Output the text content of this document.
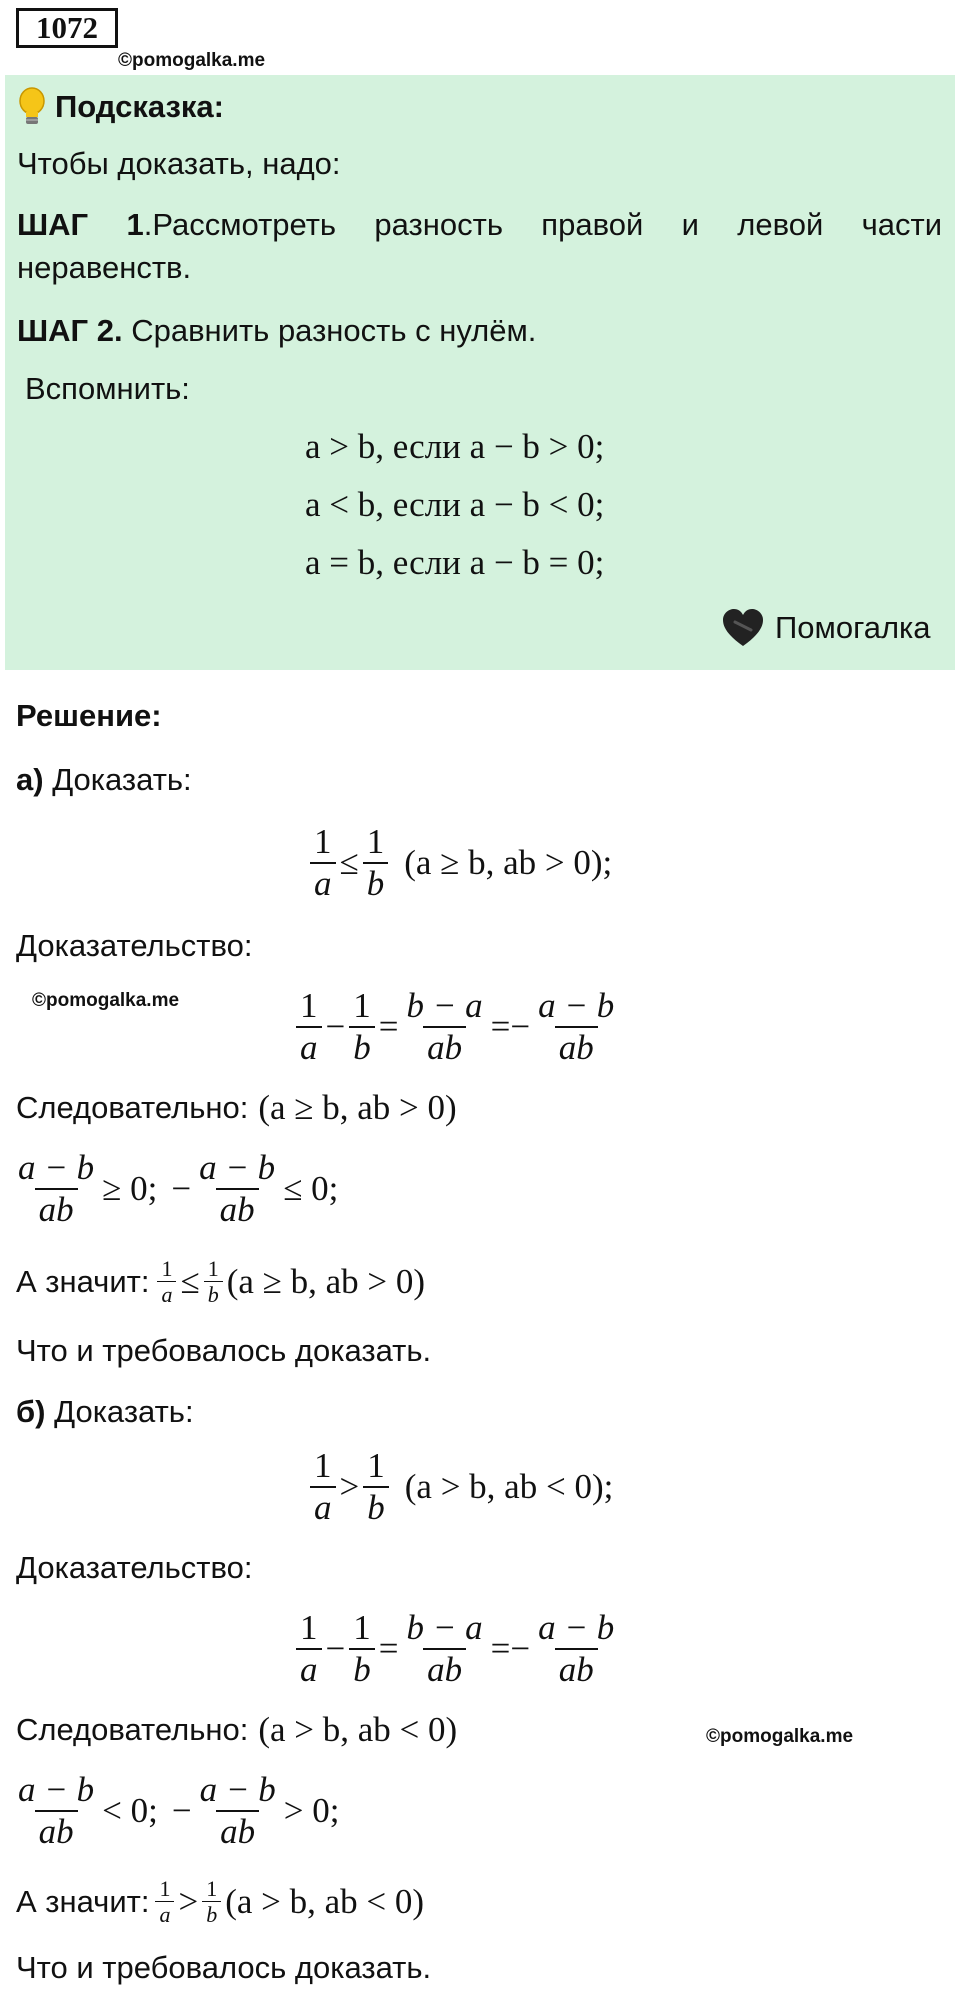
1072
©pomogalka.me
Подсказка:
Чтобы доказать, надо:
ШАГ 1.Рассмотреть разность правой и левой части
неравенств.
ШАГ 2. Сравнить разность с нулём.
Вспомнить:
a > b, если a − b > 0;
a < b, если a − b < 0;
a = b, если a − b = 0;
Помогалка
Решение:
а) Доказать:
$\frac{1}{a} \le \frac{1}{b} (a \ge b$, ab > 0);
Доказательство:
©pomogalka.me	$\frac{1}{a} - \frac{1}{b} = \frac{b - a}{ab}$ = − $\frac{a - b}{ab}$
Следовательно: (a ≥ b, ab > 0)
$\frac{a - b}{ab} \ge 0$; − $\frac{a - b}{ab} \le 0$;
А значит: $\frac{1}{a} \le \frac{1}{b} (a \ge b$, ab > 0)
Что и требовалось доказать.
б) Доказать:
$\frac{1}{a} > \frac{1}{b} (a > b$, ab < 0);
Доказательство:
$\frac{1}{a} - \frac{1}{b} = \frac{b - a}{ab}$ = − $\frac{a - b}{ab}$
Следовательно: (a > b, ab < 0)	©pomogalka.me
$\frac{a - b}{ab} < 0$; − $\frac{a - b}{ab} > 0$;
А значит: $\frac{1}{a} > \frac{1}{b} (a > b$, ab < 0)
Что и требовалось доказать.
